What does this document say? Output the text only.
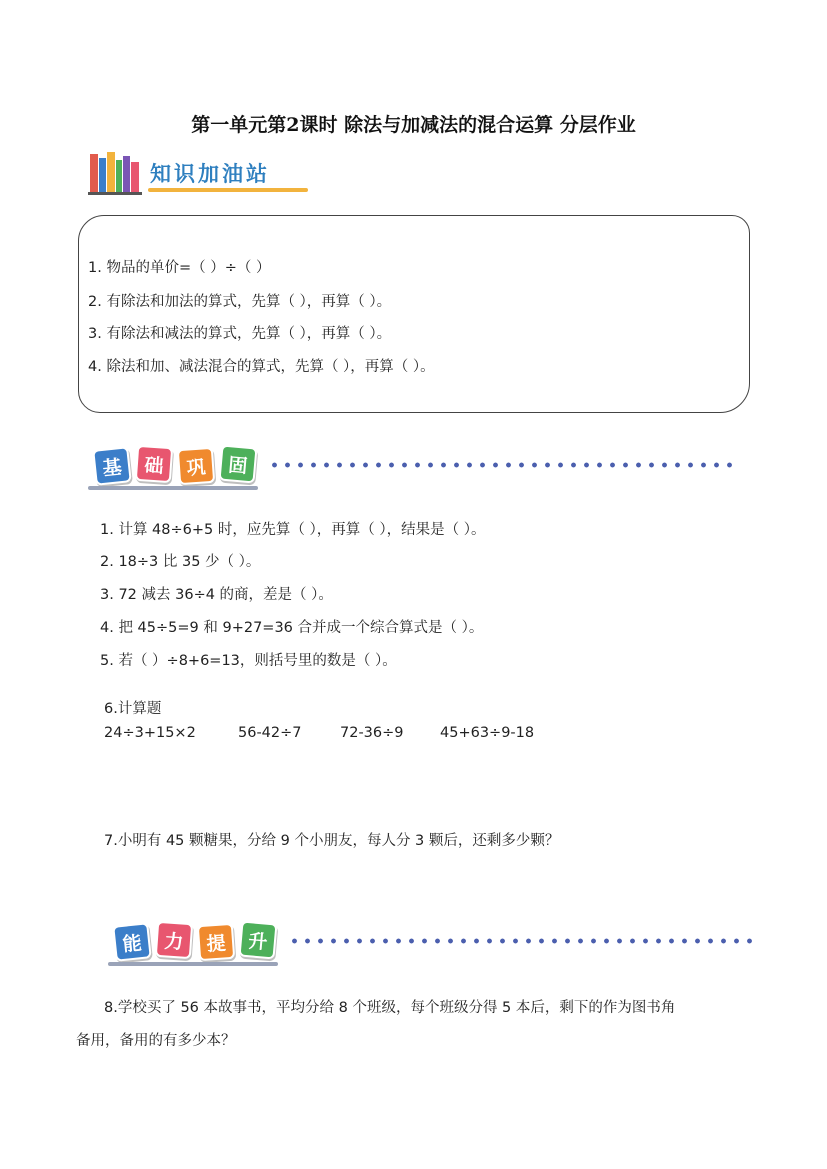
第一单元第2课时 除法与加减法的混合运算 分层作业
知识加油站
1. 物品的单价=（ ）÷（ ）
2. 有除法和加法的算式，先算（ ），再算（ ）。
3. 有除法和减法的算式，先算（ ），再算（ ）。
4. 除法和加、减法混合的算式，先算（ ），再算（ ）。
基	础	巩	固
1. 计算 48÷6+5 时，应先算（ ），再算（ ），结果是（ ）。
2. 18÷3 比 35 少（ ）。
3. 72 减去 36÷4 的商，差是（ ）。
4. 把 45÷5=9 和 9+27=36 合并成一个综合算式是（ ）。
5. 若（ ）÷8+6=13，则括号里的数是（ ）。
6.计算题
24÷3+15×2	56-42÷7	72-36÷9	45+63÷9-18
7.小明有 45 颗糖果，分给 9 个小朋友，每人分 3 颗后，还剩多少颗？
能	力	提	升
8.学校买了 56 本故事书，平均分给 8 个班级，每个班级分得 5 本后，剩下的作为图书角
备用，备用的有多少本？
